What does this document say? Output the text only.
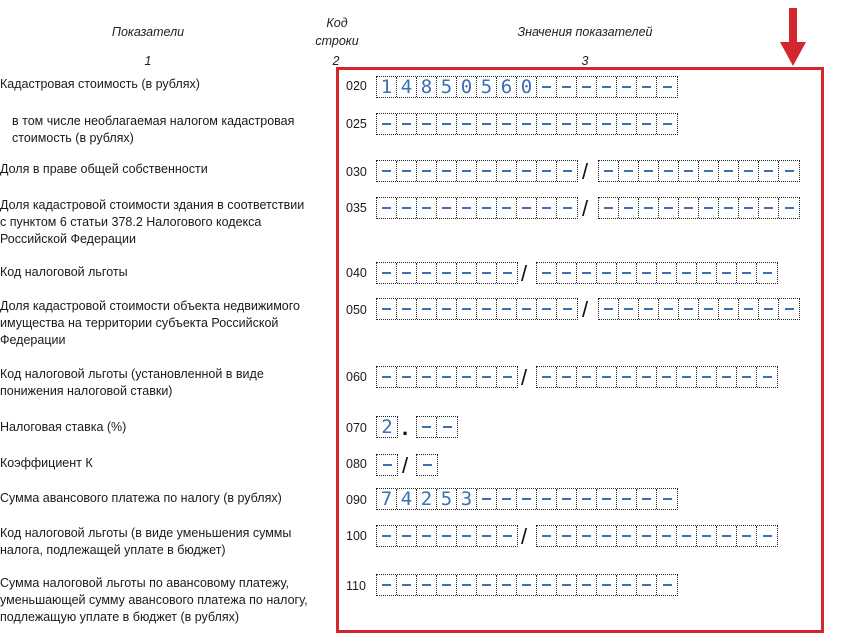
Показатели
Код
строки
Значения показателей
1	2	3
Кадастровая стоимость (в рублях)	020 1 4 8 5 0 5 6 0
в том числе необлагаемая налогом кадастровая
стоимость (в рублях)
025
Доля в праве общей собственности	030	/
Доля кадастровой стоимости здания в соответствии
с пунктом 6 статьи 378.2 Налогового кодекса
Российской Федерации
035	/
Код налоговой льготы	040	/
Доля кадастровой стоимости объекта недвижимого
имущества на территории субъекта Российской
Федерации
050	/
Код налоговой льготы (установленной в виде
понижения налоговой ставки)
060	/
Налоговая ставка (%)	070 2 .
Коэффициент К	080 /
Сумма авансового платежа по налогу (в рублях)	090 7 4 2 5 3
Код налоговой льготы (в виде уменьшения суммы
налога, подлежащей уплате в бюджет)
100	/
Сумма налоговой льготы по авансовому платежу,
уменьшающей сумму авансового платежа по налогу,
подлежащую уплате в бюджет (в рублях)
110
